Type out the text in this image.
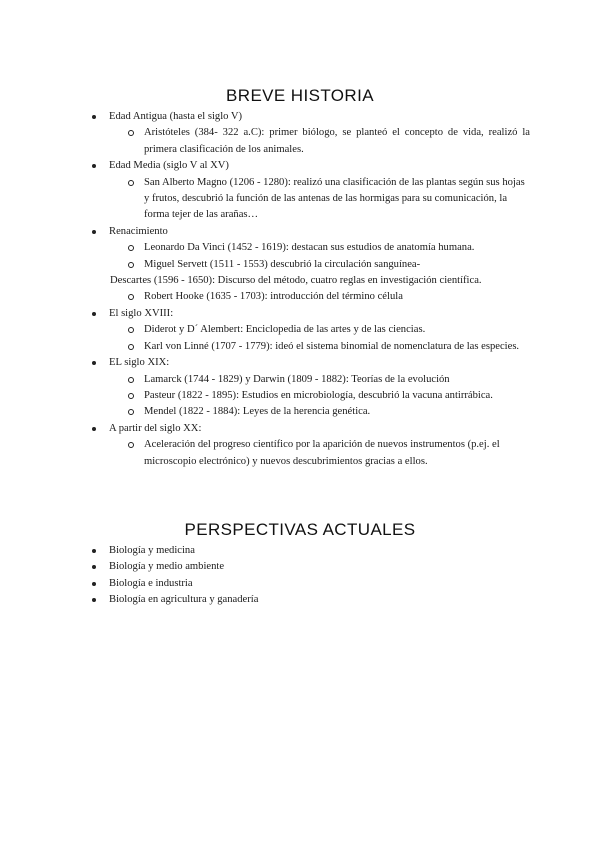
BREVE HISTORIA
Edad Antigua (hasta el siglo V)
Aristóteles (384- 322 a.C): primer biólogo, se planteó el concepto de vida, realizó la primera clasificación de los animales.
Edad Media (siglo V al XV)
San Alberto Magno (1206 - 1280): realizó una clasificación de las plantas según sus hojas y frutos, descubrió la función de las antenas de las hormigas para su comunicación, la forma tejer de las arañas…
Renacimiento
Leonardo Da Vinci (1452 - 1619): destacan sus estudios de anatomía humana.
Miguel Servett (1511 - 1553) descubrió la circulación sanguínea-
Descartes (1596 - 1650): Discurso del método, cuatro reglas en investigación científica.
Robert Hooke (1635 - 1703): introducción del término célula
El siglo XVIII:
Diderot y D´ Alembert: Enciclopedia de las artes y de las ciencias.
Karl von Linné (1707 - 1779): ideó el sistema binomial de nomenclatura de las especies.
EL siglo XIX:
Lamarck (1744 - 1829) y Darwin (1809 - 1882): Teorías de la evolución
Pasteur (1822 - 1895): Estudios en microbiología, descubrió la vacuna antirrábica.
Mendel (1822 - 1884): Leyes de la herencia genética.
A partir del siglo XX:
Aceleración del progreso científico por la aparición de nuevos instrumentos (p.ej. el microscopio electrónico) y nuevos descubrimientos gracias a ellos.
PERSPECTIVAS ACTUALES
Biología y medicina
Biología y medio ambiente
Biología e industria
Biología en agricultura y ganadería
